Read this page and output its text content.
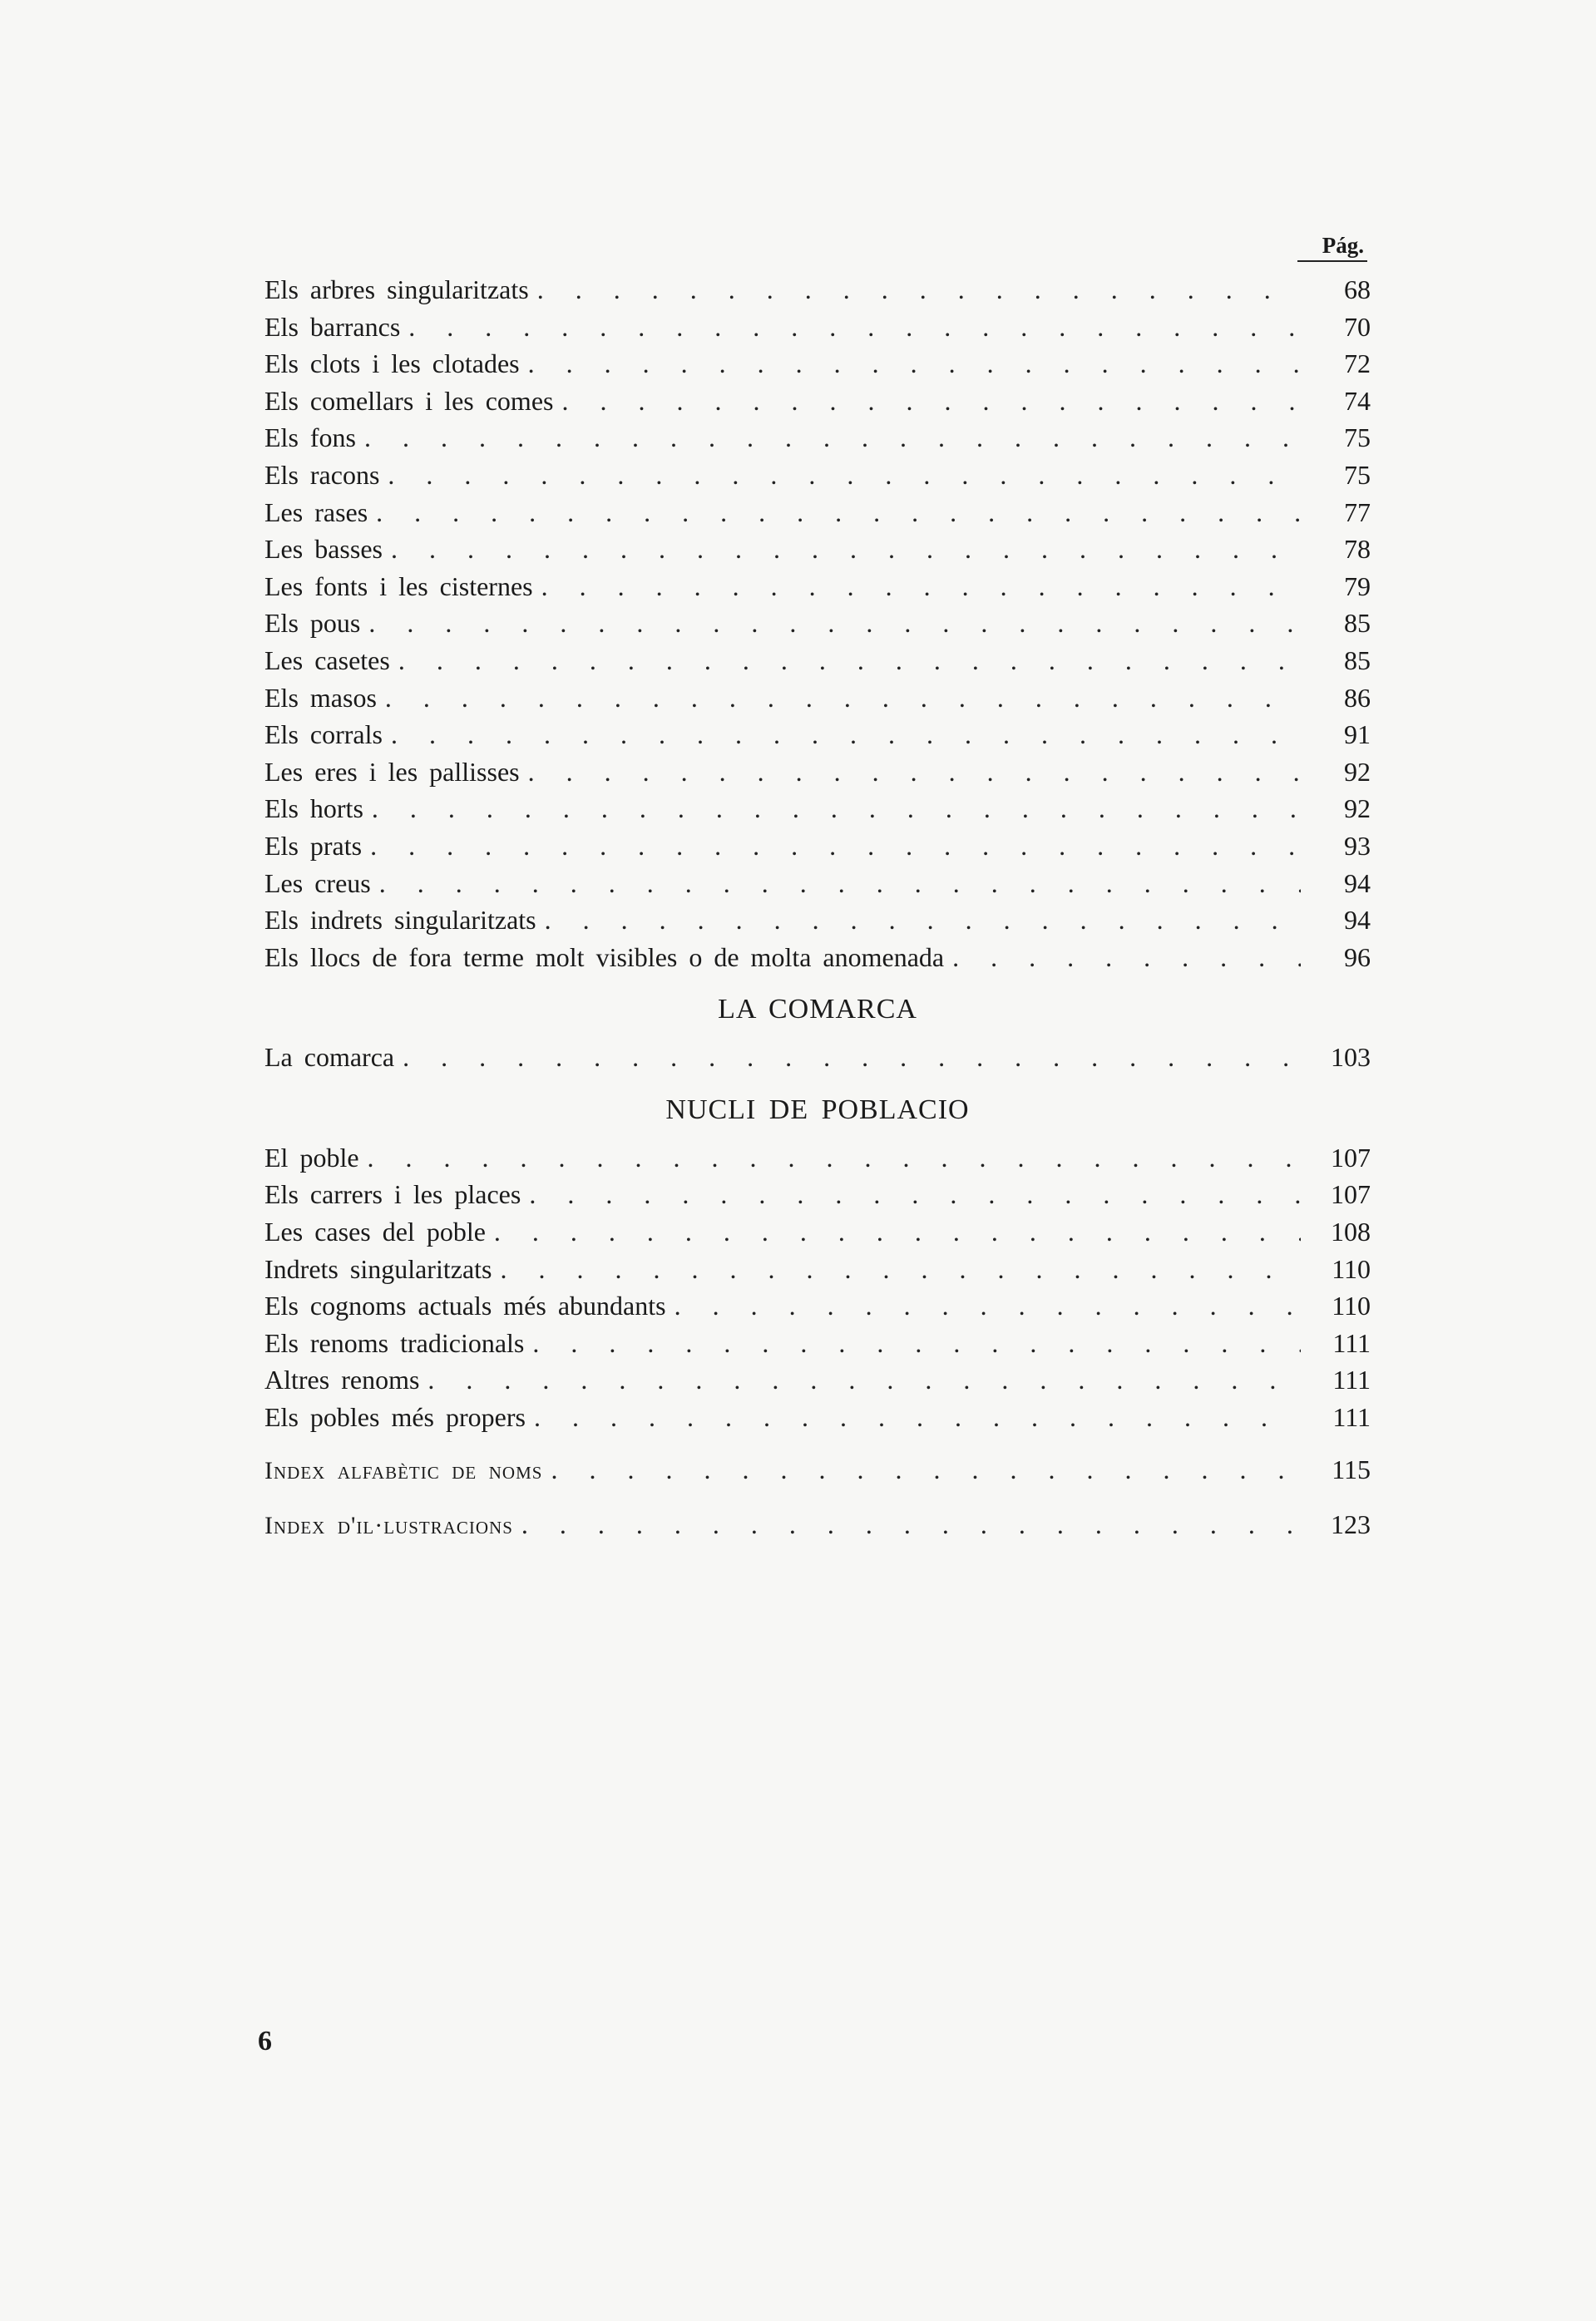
Pág.
Els arbres singularitzats . . .	68
Els barrancs . . .	70
Els clots i les clotades . . .	72
Els comellars i les comes . . .	74
Els fons . . .	75
Els racons . . .	75
Les rases . . .	77
Les basses . . .	78
Les fonts i les cisternes . . .	79
Els pous . . .	85
Les casetes . . .	85
Els masos . . .	86
Els corrals . . .	91
Les eres i les pallisses . . .	92
Els horts . . .	92
Els prats . . .	93
Les creus . . .	94
Els indrets singularitzats . . .	94
Els llocs de fora terme molt visibles o de molta anomenada . . .	96
LA COMARCA
La comarca . . .	103
NUCLI DE POBLACIO
El poble . . .	107
Els carrers i les places . . .	107
Les cases del poble . . .	108
Indrets singularitzats . . .	110
Els cognoms actuals més abundants . . .	110
Els renoms tradicionals . . .	111
Altres renoms . . .	111
Els pobles més propers . . .	111
Index alfabètic de noms . . .	115
Index d'il·lustracions . . .	123
6
